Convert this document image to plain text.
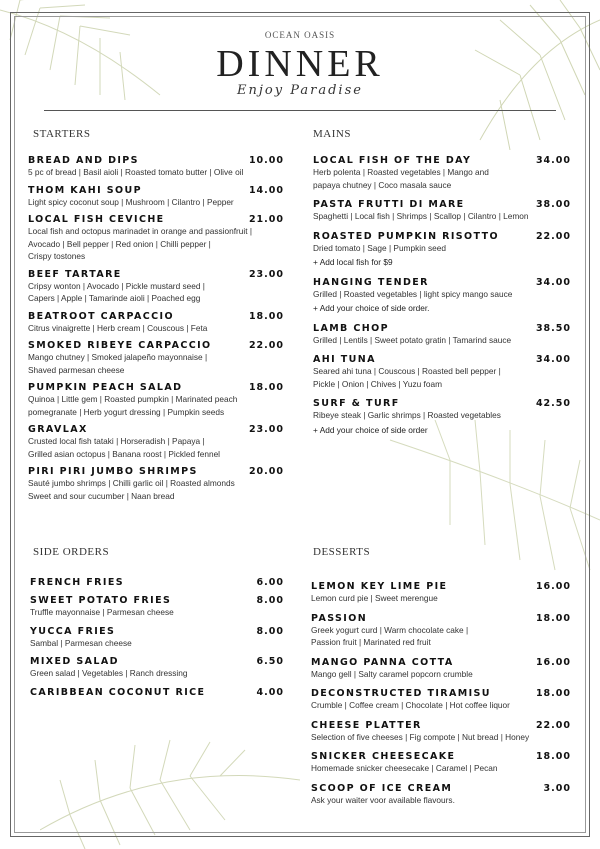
OCEAN OASIS
DINNER
Enjoy Paradise
STARTERS	MAINS
SIDE ORDERS	DESSERTS
BREAD AND DIPS	10.00
5 pc of bread | Basil aioli | Roasted tomato butter | Olive oil
THOM KAHI SOUP	14.00
Light spicy coconut soup | Mushroom | Cilantro | Pepper
LOCAL FISH CEVICHE	21.00
Local fish and octopus marinadet in orange and passionfruit |
Avocado | Bell pepper | Red onion | Chilli pepper |
Crispy tostones
BEEF TARTARE	23.00
Cripsy wonton | Avocado | Pickle mustard seed |
Capers | Apple | Tamarinde aioli | Poached egg
BEATROOT CARPACCIO	18.00
Citrus vinaigrette | Herb cream | Couscous | Feta
SMOKED RIBEYE CARPACCIO	22.00
Mango chutney | Smoked jalapeño mayonnaise |
Shaved parmesan cheese
PUMPKIN PEACH SALAD	18.00
Quinoa | Little gem | Roasted pumpkin | Marinated peach
pomegranate | Herb yogurt dressing | Pumpkin seeds
GRAVLAX	23.00
Crusted local fish tataki | Horseradish | Papaya |
Grilled asian octopus | Banana roost | Pickled fennel
PIRI PIRI JUMBO SHRIMPS	20.00
Sauté jumbo shrimps | Chilli garlic oil | Roasted almonds
Sweet and sour cucumber | Naan bread
LOCAL FISH OF THE DAY	34.00
Herb polenta | Roasted vegetables | Mango and
papaya chutney | Coco masala sauce
PASTA FRUTTI DI MARE	38.00
Spaghetti | Local fish | Shrimps | Scallop | Cilantro | Lemon
ROASTED PUMPKIN RISOTTO	22.00
Dried tomato | Sage | Pumpkin seed
+ Add local fish for $9
HANGING TENDER	34.00
Grilled | Roasted vegetables | light spicy mango sauce
+ Add your choice of side order.
LAMB CHOP	38.50
Grilled | Lentils | Sweet potato gratin | Tamarind sauce
AHI TUNA	34.00
Seared ahi tuna | Couscous | Roasted bell pepper |
Pickle | Onion | Chives | Yuzu foam
SURF & TURF	42.50
Ribeye steak | Garlic shrimps | Roasted vegetables
+ Add your choice of side order
FRENCH FRIES	6.00
SWEET POTATO FRIES	8.00
Truffle mayonnaise | Parmesan cheese
YUCCA FRIES	8.00
Sambal | Parmesan cheese
MIXED SALAD	6.50
Green salad | Vegetables | Ranch dressing
CARIBBEAN COCONUT RICE	4.00
LEMON KEY LIME PIE	16.00
Lemon curd pie | Sweet merengue
PASSION	18.00
Greek yogurt curd | Warm chocolate cake |
Passion fruit | Marinated red fruit
MANGO PANNA COTTA	16.00
Mango gell | Salty caramel popcorn crumble
DECONSTRUCTED TIRAMISU	18.00
Crumble | Coffee cream | Chocolate | Hot coffee liquor
CHEESE PLATTER	22.00
Selection of five cheeses | Fig compote | Nut bread | Honey
SNICKER CHEESECAKE	18.00
Homemade snicker cheesecake | Caramel | Pecan
SCOOP OF ICE CREAM	3.00
Ask your waiter voor available flavours.
